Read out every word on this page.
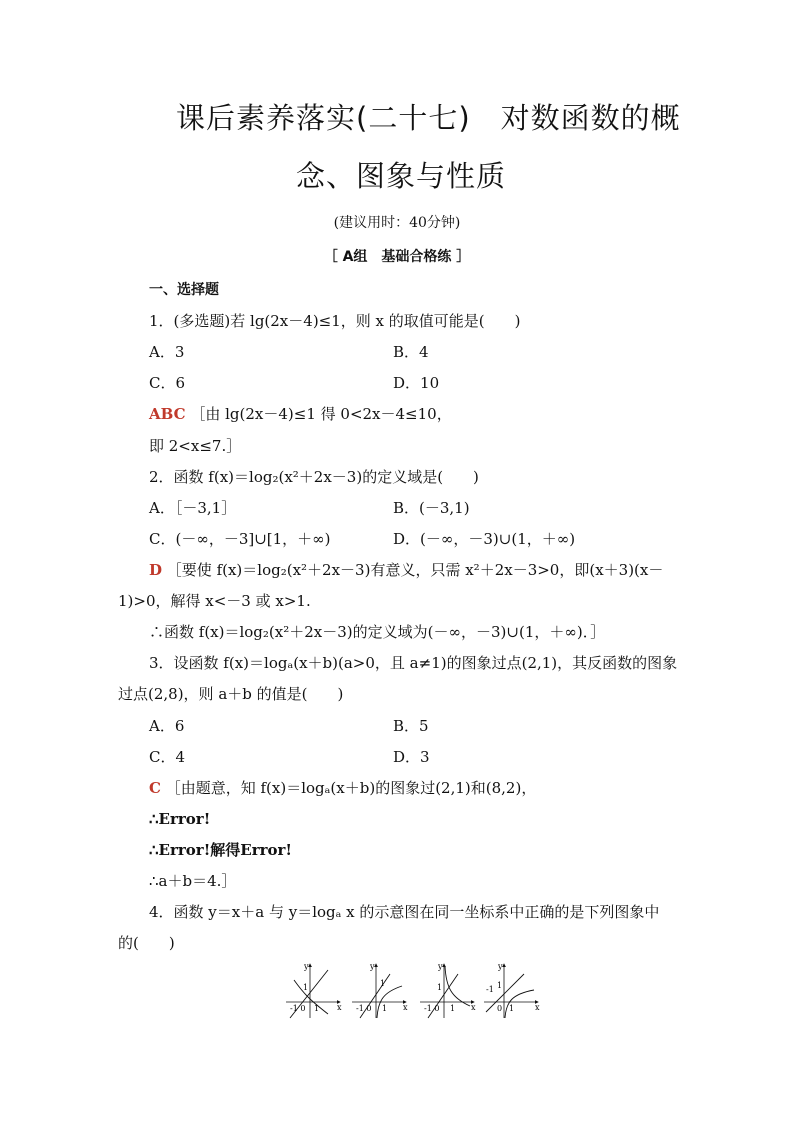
课后素养落实(二十七)　对数函数的概
念、图象与性质
(建议用时：40分钟)
［ A组　基础合格练 ］
一、选择题
1．(多选题)若 lg(2x－4)≤1，则 x 的取值可能是(　　)
A．3	B．4
C．6	D．10
ABC ［由 lg(2x－4)≤1 得 0<2x－4≤10，
即 2<x≤7.］
2．函数 f(x)＝log₂(x²＋2x－3)的定义域是(　　)
A．［－3,1］	B．(－3,1)
C．(－∞，－3]∪[1，＋∞)	D．(－∞，－3)∪(1，＋∞)
D ［要使 f(x)＝log₂(x²＋2x－3)有意义，只需 x²＋2x－3>0，即(x＋3)(x－
1)>0，解得 x<－3 或 x>1.
∴函数 f(x)＝log₂(x²＋2x－3)的定义域为(－∞，－3)∪(1，＋∞)．］
3．设函数 f(x)＝logₐ(x＋b)(a>0，且 a≠1)的图象过点(2,1)，其反函数的图象
过点(2,8)，则 a＋b 的值是(　　)
A．6	B．5
C．4	D．3
C ［由题意，知 f(x)＝logₐ(x＋b)的图象过(2,1)和(8,2)，
∴Error!
∴Error!解得Error!
∴a＋b＝4.］
4．函数 y＝x＋a 与 y＝logₐ x 的示意图在同一坐标系中正确的是下列图象中
的(　　)
y
x
1
-1 0 1
y
x
1
-1 0 1
y
x
1
-1 0 1
y
x
-1 1
0 1
